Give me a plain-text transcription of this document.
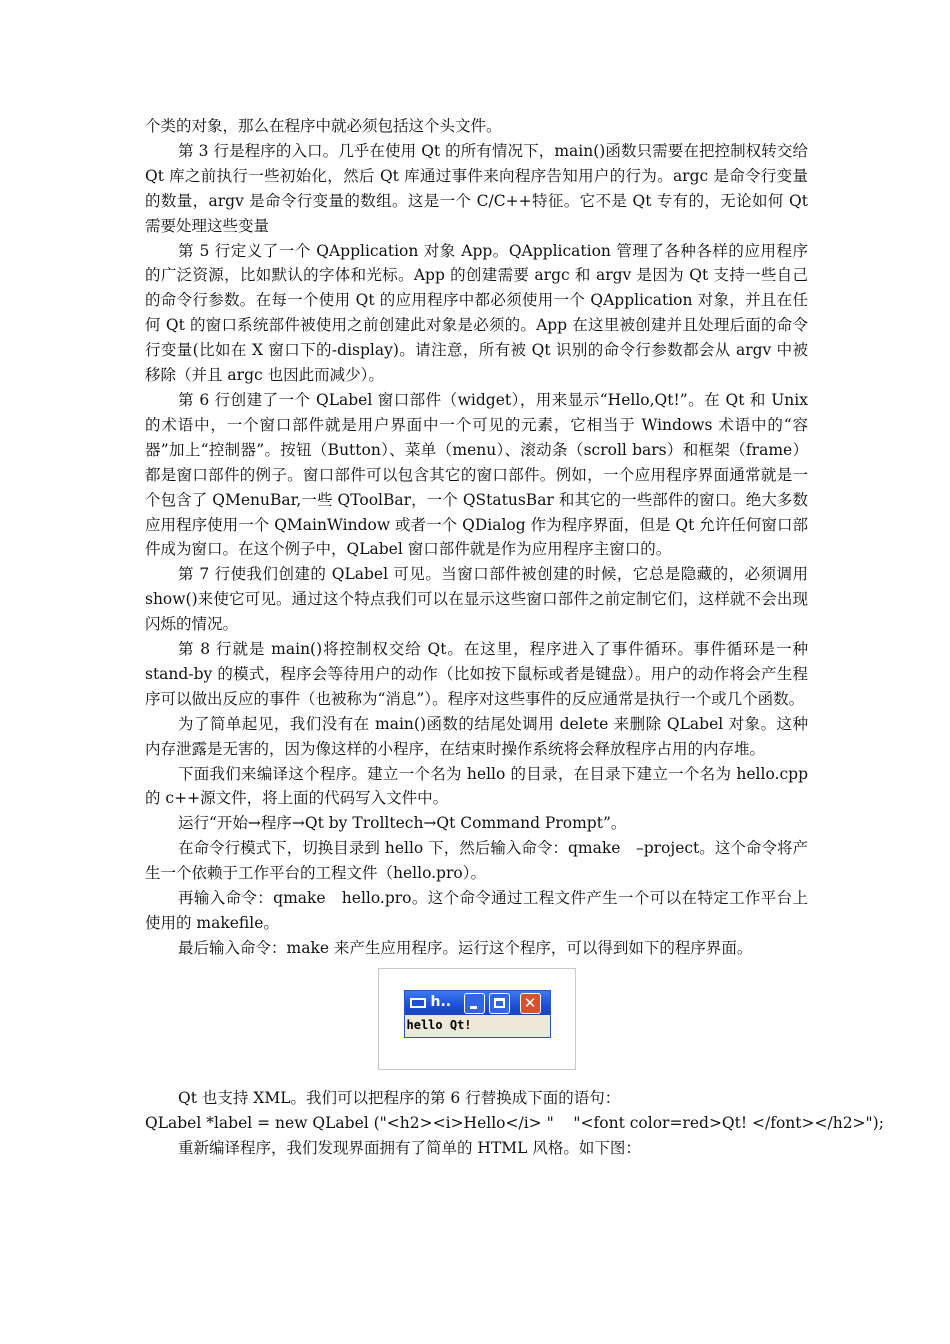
个类的对象，那么在程序中就必须包括这个头文件。

第 3 行是程序的入口。几乎在使用 Qt 的所有情况下，main()函数只需要在把控制权转交给 Qt 库之前执行一些初始化，然后 Qt 库通过事件来向程序告知用户的行为。argc 是命令行变量的数量，argv 是命令行变量的数组。这是一个 C/C++特征。它不是 Qt 专有的，无论如何 Qt 需要处理这些变量

第 5 行定义了一个 QApplication 对象 App。QApplication 管理了各种各样的应用程序的广泛资源，比如默认的字体和光标。App 的创建需要 argc 和 argv 是因为 Qt 支持一些自己的命令行参数。在每一个使用 Qt 的应用程序中都必须使用一个 QApplication 对象，并且在任何 Qt 的窗口系统部件被使用之前创建此对象是必须的。App 在这里被创建并且处理后面的命令行变量(比如在 X 窗口下的-display)。请注意，所有被 Qt 识别的命令行参数都会从 argv 中被移除（并且 argc 也因此而减少）。

第 6 行创建了一个 QLabel 窗口部件（widget），用来显示“Hello,Qt!”。在 Qt 和 Unix 的术语中，一个窗口部件就是用户界面中一个可见的元素，它相当于 Windows 术语中的“容器”加上“控制器”。按钮（Button）、菜单（menu）、滚动条（scroll bars）和框架（frame）都是窗口部件的例子。窗口部件可以包含其它的窗口部件。例如，一个应用程序界面通常就是一个包含了 QMenuBar,一些 QToolBar，一个 QStatusBar 和其它的一些部件的窗口。绝大多数应用程序使用一个 QMainWindow 或者一个 QDialog 作为程序界面，但是 Qt 允许任何窗口部件成为窗口。在这个例子中，QLabel 窗口部件就是作为应用程序主窗口的。

第 7 行使我们创建的 QLabel 可见。当窗口部件被创建的时候，它总是隐藏的，必须调用 show()来使它可见。通过这个特点我们可以在显示这些窗口部件之前定制它们，这样就不会出现闪烁的情况。

第 8 行就是 main()将控制权交给 Qt。在这里，程序进入了事件循环。事件循环是一种 stand-by 的模式，程序会等待用户的动作（比如按下鼠标或者是键盘）。用户的动作将会产生程序可以做出反应的事件（也被称为“消息”）。程序对这些事件的反应通常是执行一个或几个函数。

为了简单起见，我们没有在 main()函数的结尾处调用 delete 来删除 QLabel 对象。这种内存泄露是无害的，因为像这样的小程序，在结束时操作系统将会释放程序占用的内存堆。

下面我们来编译这个程序。建立一个名为 hello 的目录，在目录下建立一个名为 hello.cpp 的 c++源文件，将上面的代码写入文件中。

运行“开始→程序→Qt by Trolltech→Qt Command Prompt”。

在命令行模式下，切换目录到 hello 下，然后输入命令：qmake　–project。这个命令将产生一个依赖于工作平台的工程文件（hello.pro）。

再输入命令：qmake　hello.pro。这个命令通过工程文件产生一个可以在特定工作平台上使用的 makefile。

最后输入命令：make 来产生应用程序。运行这个程序，可以得到如下的程序界面。

h..	✕
hello Qt!

Qt 也支持 XML。我们可以把程序的第 6 行替换成下面的语句：

QLabel *label = new QLabel ("<h2><i>Hello</i> "    "<font color=red>Qt! </font></h2>");

重新编译程序，我们发现界面拥有了简单的 HTML 风格。如下图：
